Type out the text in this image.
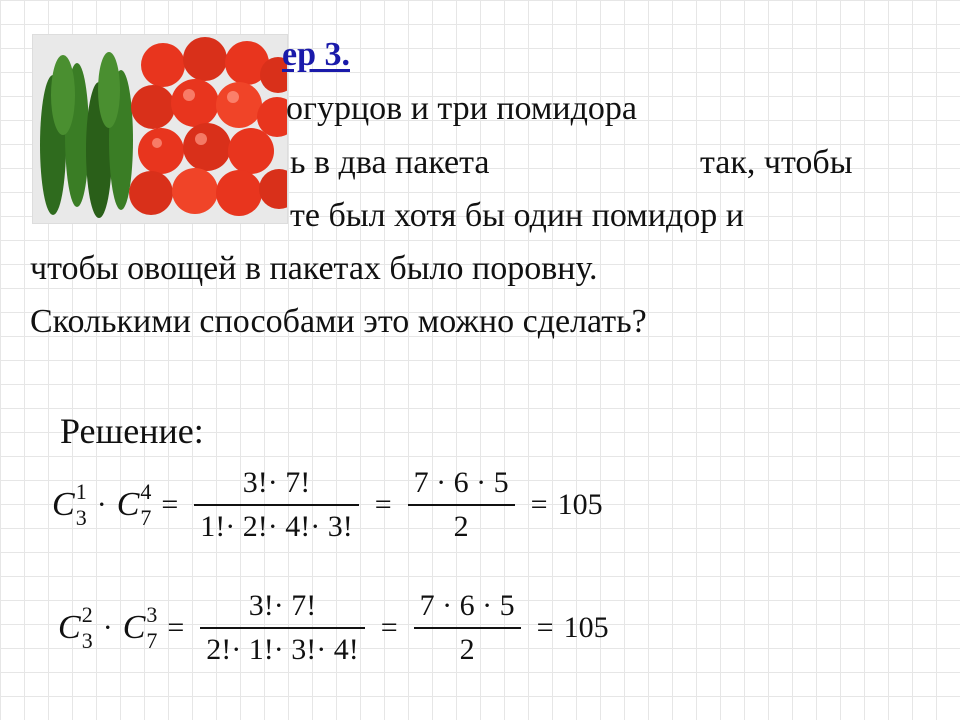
ер 3.
огурцов и три помидора
ь в два пакета	так, чтобы
те был хотя бы один помидор и
чтобы овощей в пакетах было поровну.
Сколькими способами это можно сделать?
Решение:
C 1
3 · C 4
$7 = \frac{3!\cdot 7!}{1!\cdot 2!\cdot 4!\cdot 3!} = \frac{7 \cdot 6 \cdot 5}{2} = 105$
C 2
3 · C 3
$7 = \frac{3!\cdot 7!}{2!\cdot 1!\cdot 3!\cdot 4!} = \frac{7 \cdot 6 \cdot 5}{2} = 105$
